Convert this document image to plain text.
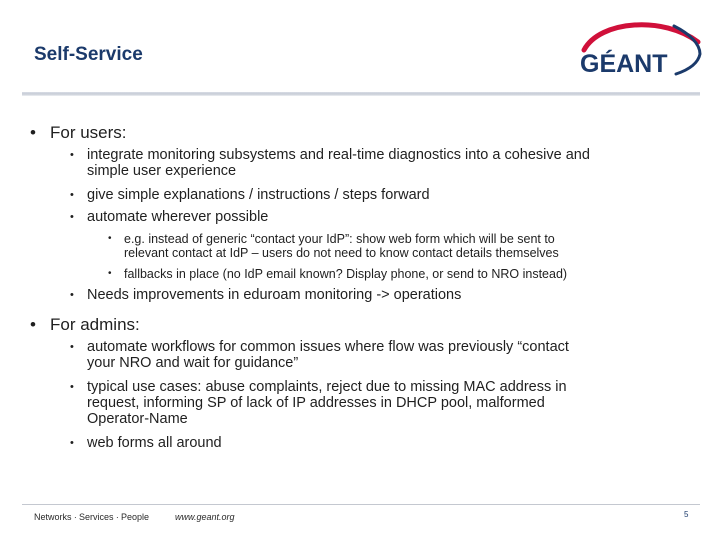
Self-Service	GÉANT
• For users:
• integrate monitoring subsystems and real-time diagnostics into a cohesive and
simple user experience
• give simple explanations / instructions / steps forward
• automate wherever possible
• e.g. instead of generic “contact your IdP”: show web form which will be sent to
relevant contact at IdP – users do not need to know contact details themselves
• fallbacks in place (no IdP email known? Display phone, or send to NRO instead)
• Needs improvements in eduroam monitoring -> operations
• For admins:
• automate workflows for common issues where flow was previously “contact
your NRO and wait for guidance”
• typical use cases: abuse complaints, reject due to missing MAC address in
request, informing SP of lack of IP addresses in DHCP pool, malformed
Operator-Name
• web forms all around
Networks ∙ Services ∙ People	www.geant.org	5
